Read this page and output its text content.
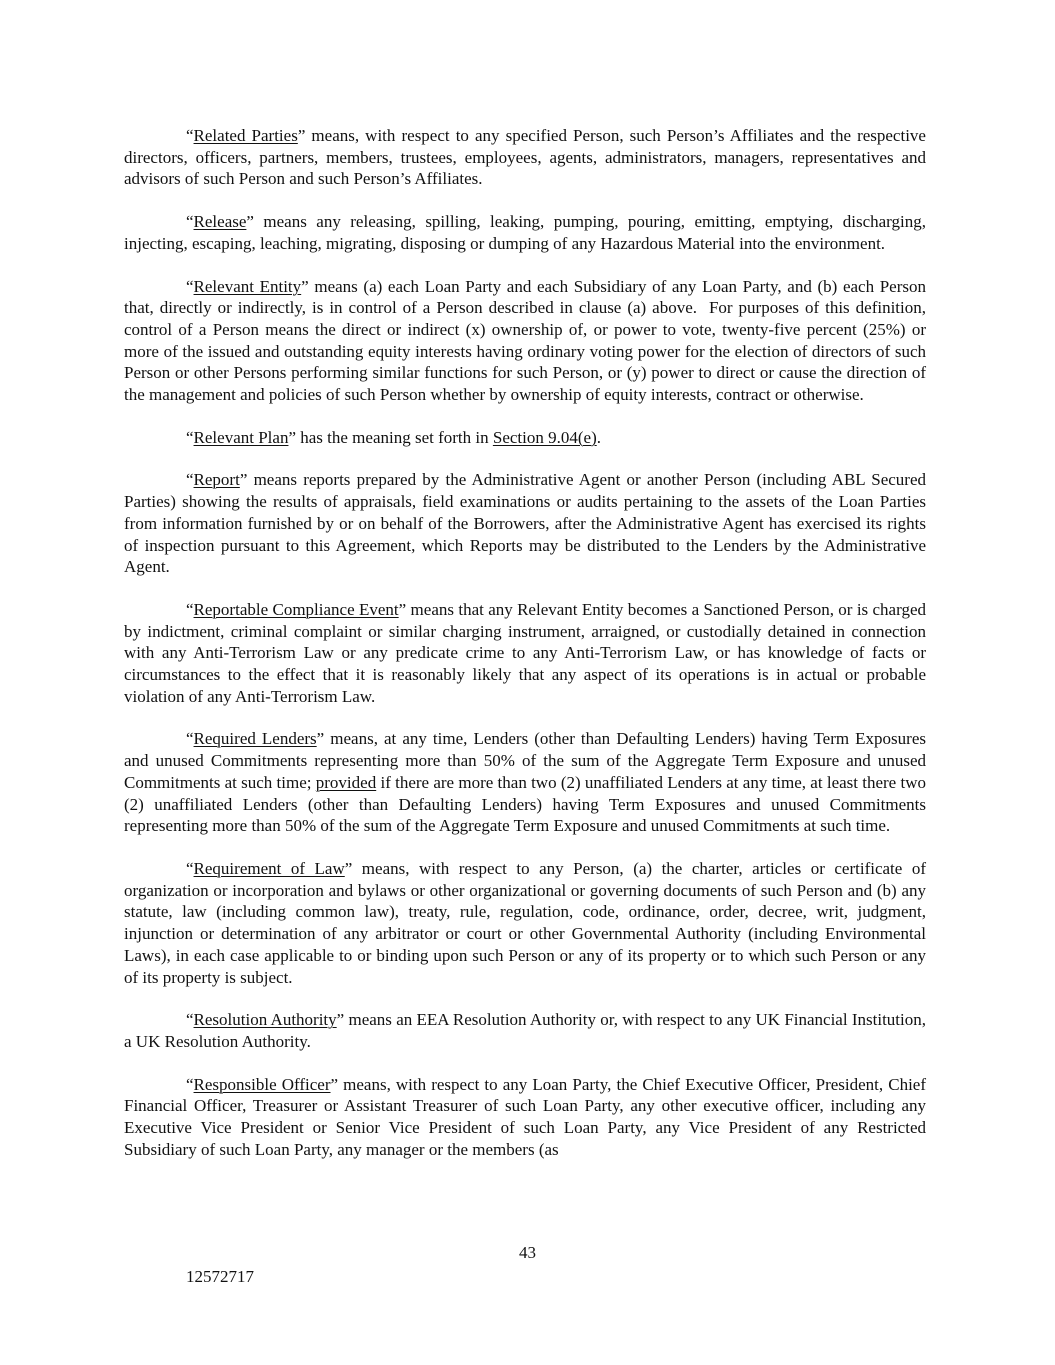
“Related Parties” means, with respect to any specified Person, such Person’s Affiliates and the respective directors, officers, partners, members, trustees, employees, agents, administrators, managers, representatives and advisors of such Person and such Person’s Affiliates.

“Release” means any releasing, spilling, leaking, pumping, pouring, emitting, emptying, discharging, injecting, escaping, leaching, migrating, disposing or dumping of any Hazardous Material into the environment.

“Relevant Entity” means (a) each Loan Party and each Subsidiary of any Loan Party, and (b) each Person that, directly or indirectly, is in control of a Person described in clause (a) above.  For purposes of this definition, control of a Person means the direct or indirect (x) ownership of, or power to vote, twenty-five percent (25%) or more of the issued and outstanding equity interests having ordinary voting power for the election of directors of such Person or other Persons performing similar functions for such Person, or (y) power to direct or cause the direction of the management and policies of such Person whether by ownership of equity interests, contract or otherwise.

“Relevant Plan” has the meaning set forth in Section 9.04(e).

“Report” means reports prepared by the Administrative Agent or another Person (including ABL Secured Parties) showing the results of appraisals, field examinations or audits pertaining to the assets of the Loan Parties from information furnished by or on behalf of the Borrowers, after the Administrative Agent has exercised its rights of inspection pursuant to this Agreement, which Reports may be distributed to the Lenders by the Administrative Agent.

“Reportable Compliance Event” means that any Relevant Entity becomes a Sanctioned Person, or is charged by indictment, criminal complaint or similar charging instrument, arraigned, or custodially detained in connection with any Anti-Terrorism Law or any predicate crime to any Anti-Terrorism Law, or has knowledge of facts or circumstances to the effect that it is reasonably likely that any aspect of its operations is in actual or probable violation of any Anti-Terrorism Law.

“Required Lenders” means, at any time, Lenders (other than Defaulting Lenders) having Term Exposures and unused Commitments representing more than 50% of the sum of the Aggregate Term Exposure and unused Commitments at such time; provided if there are more than two (2) unaffiliated Lenders at any time, at least there two (2) unaffiliated Lenders (other than Defaulting Lenders) having Term Exposures and unused Commitments representing more than 50% of the sum of the Aggregate Term Exposure and unused Commitments at such time.

“Requirement of Law” means, with respect to any Person, (a) the charter, articles or certificate of organization or incorporation and bylaws or other organizational or governing documents of such Person and (b) any statute, law (including common law), treaty, rule, regulation, code, ordinance, order, decree, writ, judgment, injunction or determination of any arbitrator or court or other Governmental Authority (including Environmental Laws), in each case applicable to or binding upon such Person or any of its property or to which such Person or any of its property is subject.

“Resolution Authority” means an EEA Resolution Authority or, with respect to any UK Financial Institution, a UK Resolution Authority.

“Responsible Officer” means, with respect to any Loan Party, the Chief Executive Officer, President, Chief Financial Officer, Treasurer or Assistant Treasurer of such Loan Party, any other executive officer, including any Executive Vice President or Senior Vice President of such Loan Party, any Vice President of any Restricted Subsidiary of such Loan Party, any manager or the members (as

43
12572717
